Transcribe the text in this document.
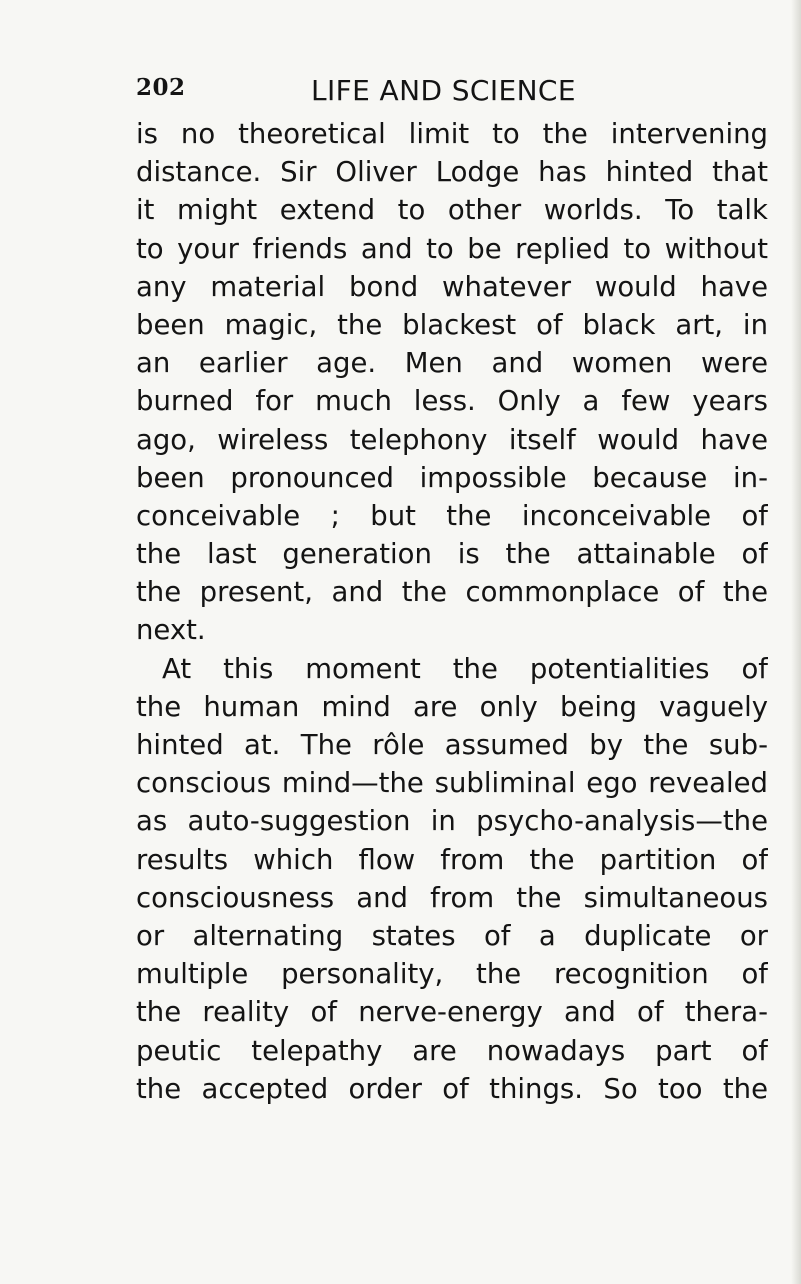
202	LIFE AND SCIENCE
is no theoretical limit to the intervening
distance. Sir Oliver Lodge has hinted that
it might extend to other worlds. To talk
to your friends and to be replied to without
any material bond whatever would have
been magic, the blackest of black art, in
an earlier age. Men and women were
burned for much less. Only a few years
ago, wireless telephony itself would have
been pronounced impossible because in-
conceivable ; but the inconceivable of
the last generation is the attainable of
the present, and the commonplace of the
next.
At this moment the potentialities of
the human mind are only being vaguely
hinted at. The rôle assumed by the sub-
conscious mind—the subliminal ego revealed
as auto-suggestion in psycho-analysis—the
results which flow from the partition of
consciousness and from the simultaneous
or alternating states of a duplicate or
multiple personality, the recognition of
the reality of nerve-energy and of thera-
peutic telepathy are nowadays part of
the accepted order of things. So too the
